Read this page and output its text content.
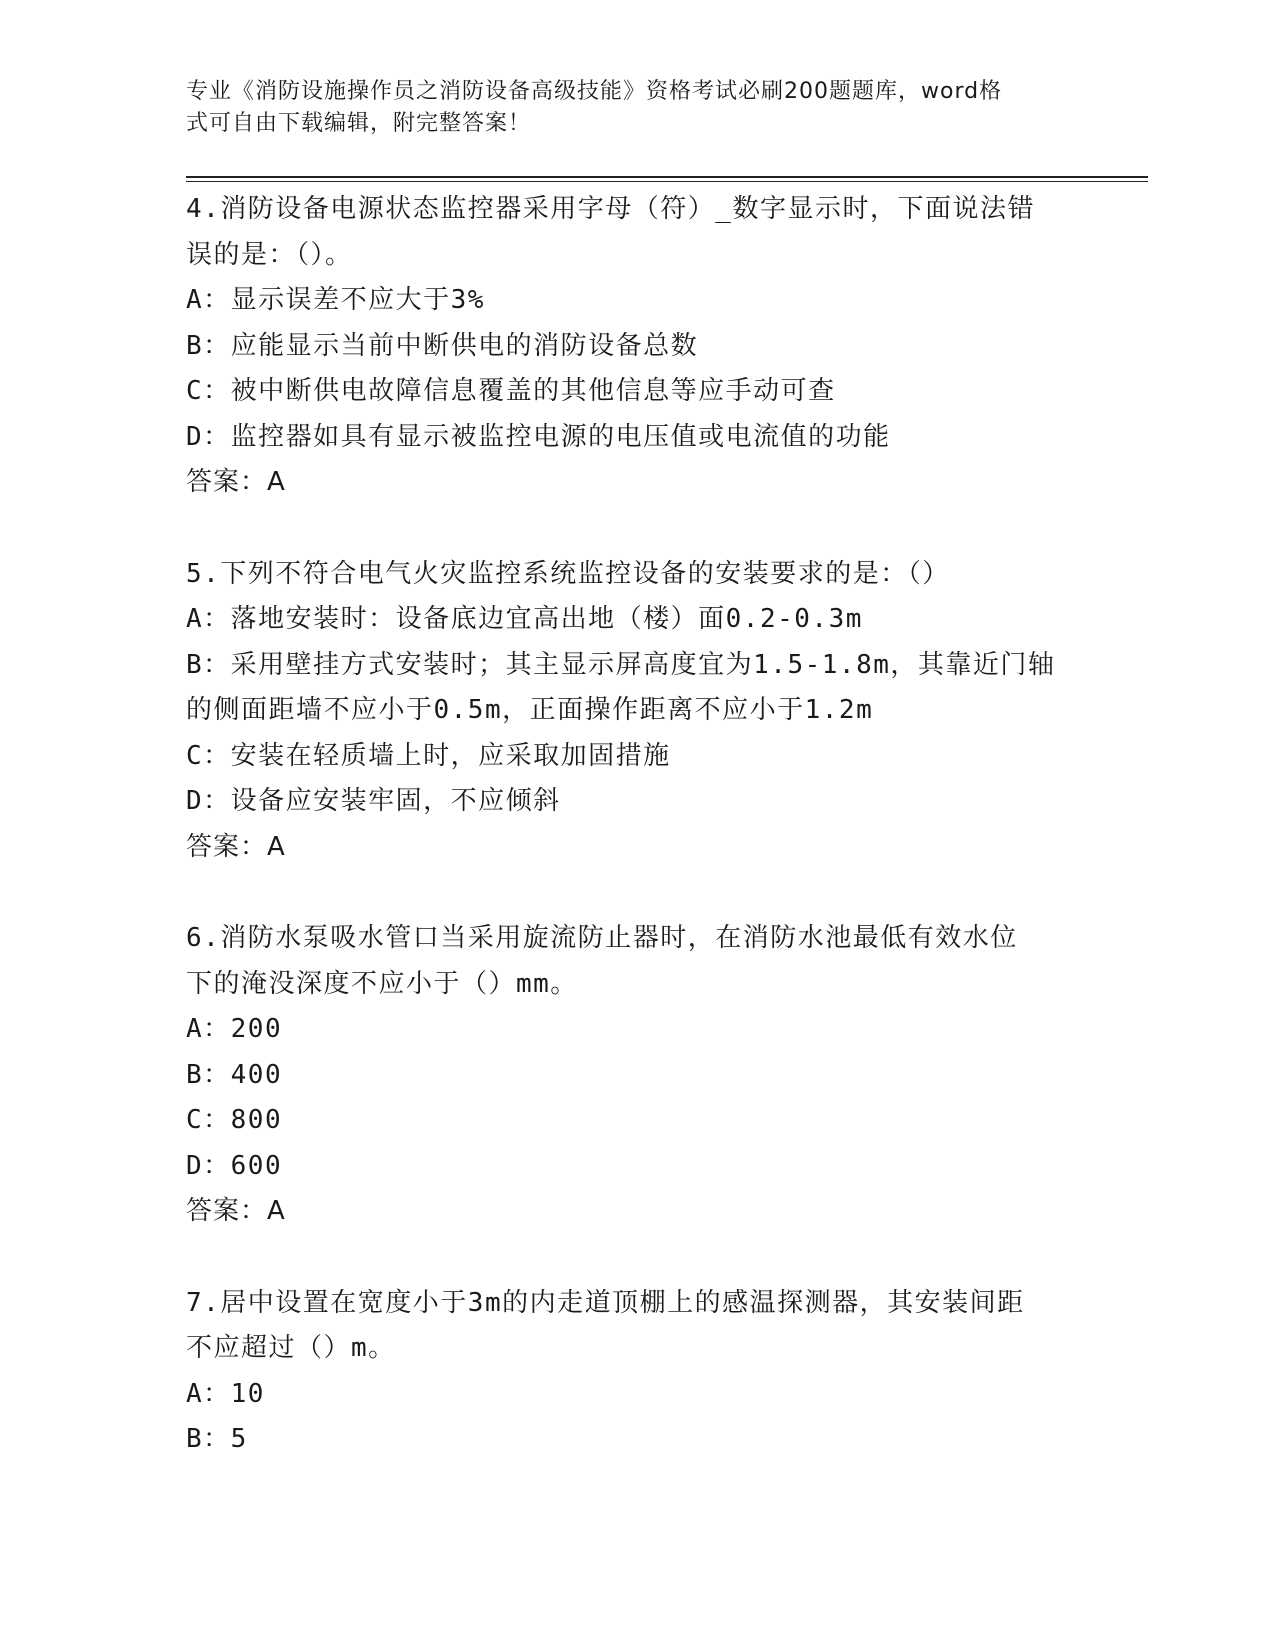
专业《消防设施操作员之消防设备高级技能》资格考试必刷200题题库，word格
式可自由下载编辑，附完整答案！
4.消防设备电源状态监控器采用字母（符）_数字显示时，下面说法错
误的是：（）。
A：显示误差不应大于3%
B：应能显示当前中断供电的消防设备总数
C：被中断供电故障信息覆盖的其他信息等应手动可查
D：监控器如具有显示被监控电源的电压值或电流值的功能
答案：A
5.下列不符合电气火灾监控系统监控设备的安装要求的是：（）
A：落地安装时：设备底边宜高出地（楼）面0.2-0.3m
B：采用壁挂方式安装时；其主显示屏高度宜为1.5-1.8m，其靠近门轴
的侧面距墙不应小于0.5m，正面操作距离不应小于1.2m
C：安装在轻质墙上时，应采取加固措施
D：设备应安装牢固，不应倾斜
答案：A
6.消防水泵吸水管口当采用旋流防止器时，在消防水池最低有效水位
下的淹没深度不应小于（）mm。
A：200
B：400
C：800
D：600
答案：A
7.居中设置在宽度小于3m的内走道顶棚上的感温探测器，其安装间距
不应超过（）m。
A：10
B：5
